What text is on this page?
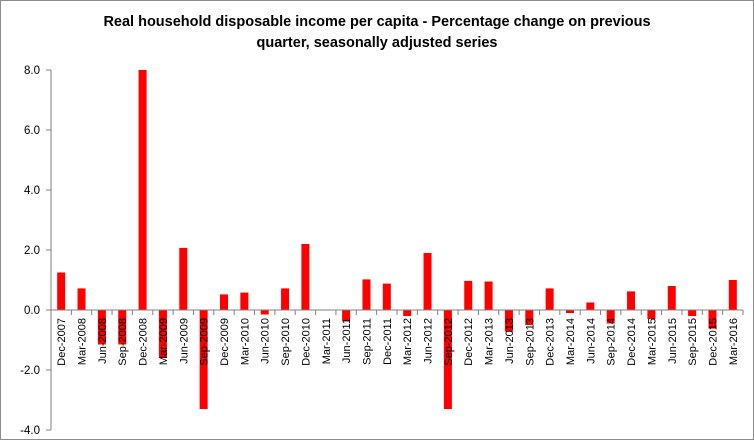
Real household disposable income per capita - Percentage change on previous
quarter, seasonally adjusted series
8.0
6.0
4.0
2.0
0.0
-2.0
-4.0
Dec-2007 Mar-2008 Jun-2008 Sep-2008 Dec-2008 Mar-2009 Jun-2009 Sep-2009 Dec-2009 Mar-2010 Jun-2010 Sep-2010 Dec-2010 Mar-2011 Jun-2011 Sep-2011 Dec-2011 Mar-2012 Jun-2012 Sep-2012 Dec-2012 Mar-2013 Jun-2013 Sep-2013 Dec-2013 Mar-2014 Jun-2014 Sep-2014 Dec-2014 Mar-2015 Jun-2015 Sep-2015 Dec-2015 Mar-2016
